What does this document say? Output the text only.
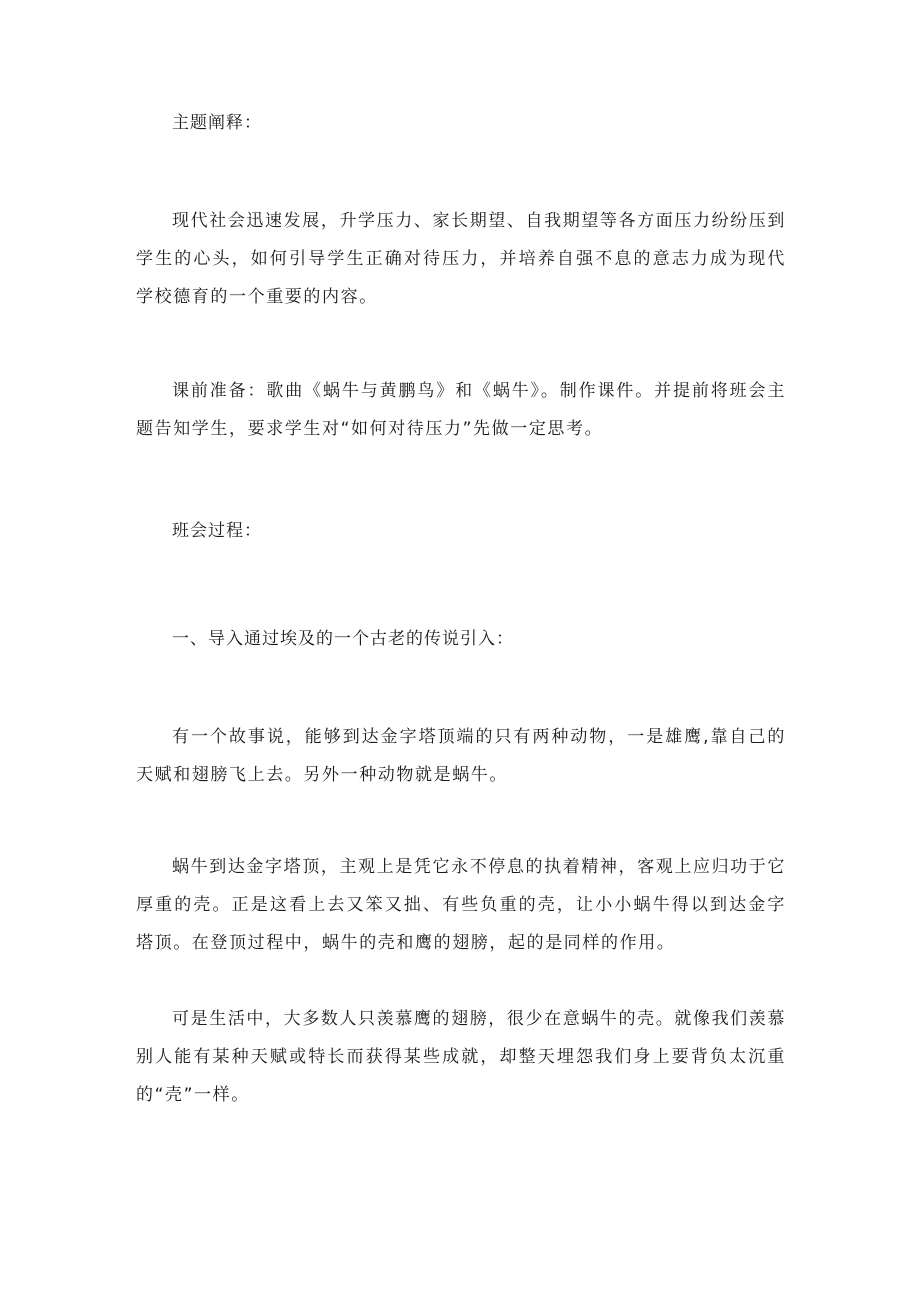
主题阐释：

现代社会迅速发展，升学压力、家长期望、自我期望等各方面压力纷纷压到学生的心头，如何引导学生正确对待压力，并培养自强不息的意志力成为现代学校德育的一个重要的内容。

课前准备：歌曲《蜗牛与黄鹏鸟》和《蜗牛》。制作课件。并提前将班会主题告知学生，要求学生对“如何对待压力”先做一定思考。

班会过程：

一、导入通过埃及的一个古老的传说引入：

有一个故事说，能够到达金字塔顶端的只有两种动物，一是雄鹰,靠自己的天赋和翅膀飞上去。另外一种动物就是蜗牛。

蜗牛到达金字塔顶，主观上是凭它永不停息的执着精神，客观上应归功于它厚重的壳。正是这看上去又笨又拙、有些负重的壳，让小小蜗牛得以到达金字塔顶。在登顶过程中，蜗牛的壳和鹰的翅膀，起的是同样的作用。

可是生活中，大多数人只羡慕鹰的翅膀，很少在意蜗牛的壳。就像我们羡慕别人能有某种天赋或特长而获得某些成就，却整天埋怨我们身上要背负太沉重的“壳”一样。
